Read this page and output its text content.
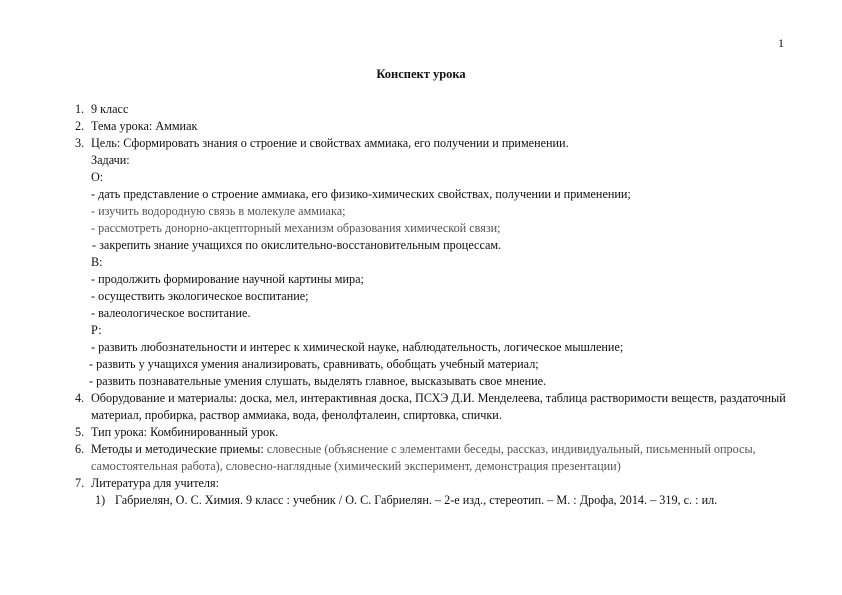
1
Конспект урока
1. 9 класс
2. Тема урока: Аммиак
3. Цель: Сформировать знания о строение и свойствах аммиака, его получении и применении.
Задачи:
О:
- дать представление о строение аммиака, его физико-химических свойствах, получении и применении;
- изучить водородную связь в молекуле аммиака;
- рассмотреть донорно-акцепторный механизм образования химической связи;
- закрепить знание учащихся по окислительно-восстановительным процессам.
В:
- продолжить формирование научной картины мира;
- осуществить экологическое воспитание;
- валеологическое воспитание.
Р:
- развить любознательности и интерес к химической науке, наблюдательность, логическое мышление;
- развить у учащихся умения анализировать, сравнивать, обобщать учебный материал;
- развить познавательные умения слушать, выделять главное, высказывать свое мнение.
4. Оборудование и материалы: доска, мел, интерактивная доска, ПСХЭ Д.И. Менделеева, таблица растворимости веществ, раздаточный материал, пробирка, раствор аммиака, вода, фенолфталеин, спиртовка, спички.
5. Тип урока: Комбинированный урок.
6. Методы и методические приемы: словесные (объяснение с элементами беседы, рассказ, индивидуальный, письменный опросы, самостоятельная работа), словесно-наглядные (химический эксперимент, демонстрация презентации)
7. Литература для учителя:
1) Габриелян, О. С. Химия. 9 класс : учебник / О. С. Габриелян. – 2-е изд., стереотип. – М. : Дрофа, 2014. – 319, с. : ил.
